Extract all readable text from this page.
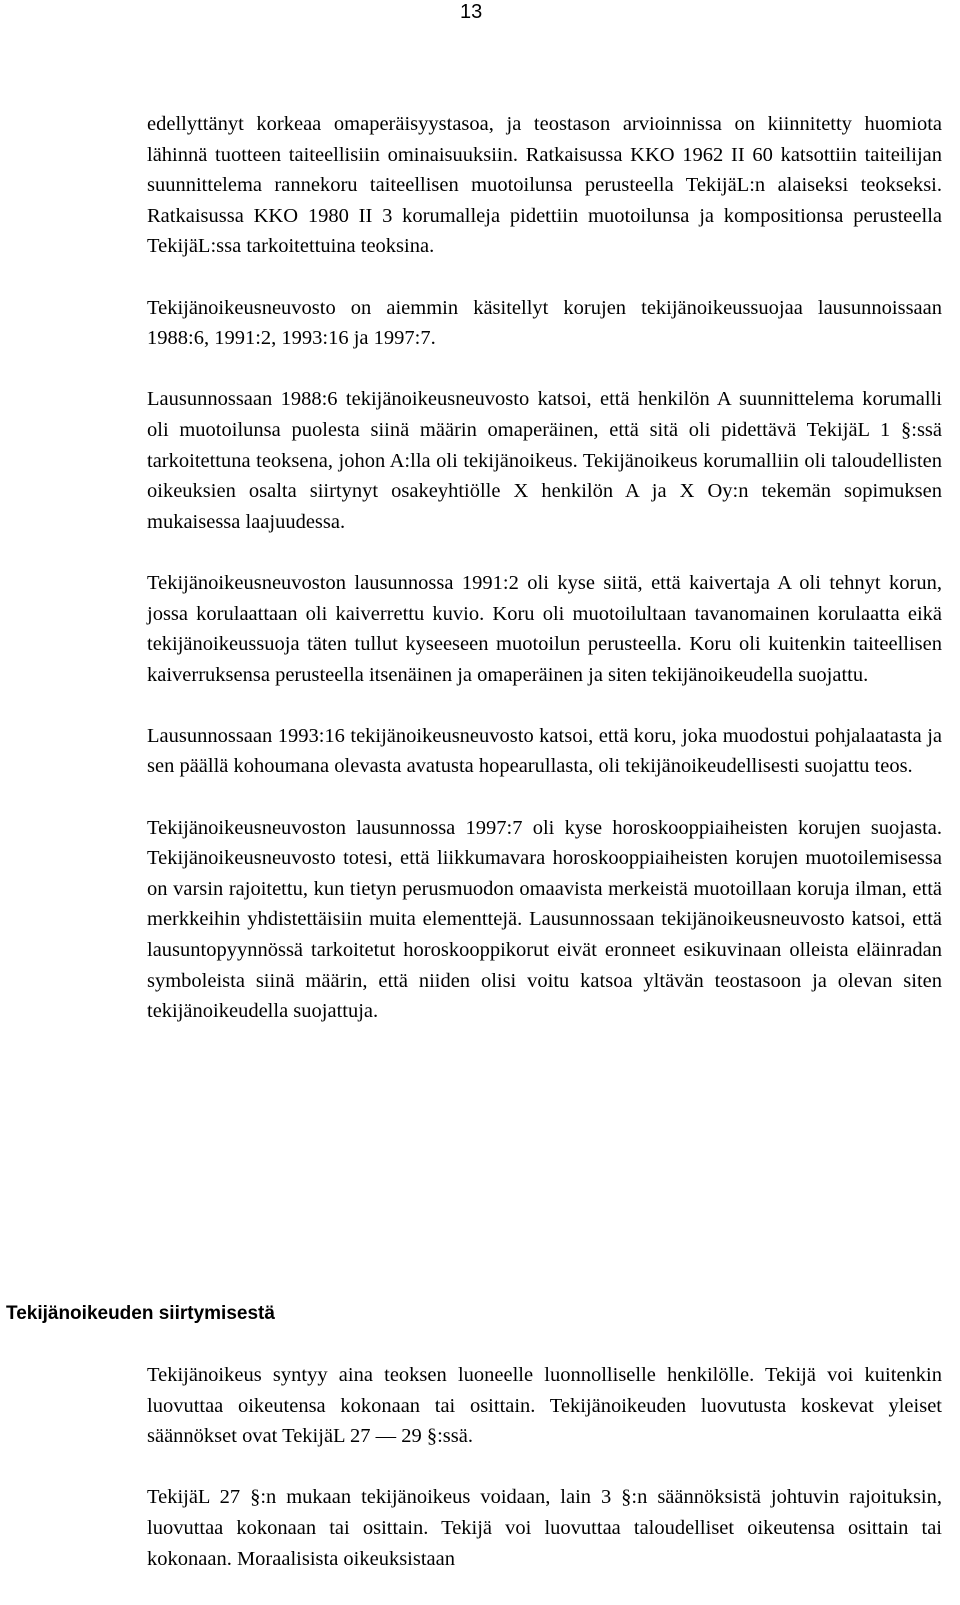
13

edellyttänyt korkeaa omaperäisyystasoa, ja teostason arvioinnissa on kiinnitetty huomiota lähinnä tuotteen taiteellisiin ominaisuuksiin. Ratkaisussa KKO 1962 II 60 katsottiin taiteilijan suunnittelema rannekoru taiteellisen muotoilunsa perusteella TekijäL:n alaiseksi teokseksi. Ratkaisussa KKO 1980 II 3 korumalleja pidettiin muotoilunsa ja kompositionsa perusteella TekijäL:ssa tarkoitettuina teoksina.

Tekijänoikeusneuvosto on aiemmin käsitellyt korujen tekijänoikeussuojaa lausunnoissaan 1988:6, 1991:2, 1993:16 ja 1997:7.

Lausunnossaan 1988:6 tekijänoikeusneuvosto katsoi, että henkilön A suunnittelema korumalli oli muotoilunsa puolesta siinä määrin omaperäinen, että sitä oli pidettävä TekijäL 1 §:ssä tarkoitettuna teoksena, johon A:lla oli tekijänoikeus. Tekijänoikeus korumalliin oli taloudellisten oikeuksien osalta siirtynyt osakeyhtiölle X henkilön A ja X Oy:n tekemän sopimuksen mukaisessa laajuudessa.

Tekijänoikeusneuvoston lausunnossa 1991:2 oli kyse siitä, että kaivertaja A oli tehnyt korun, jossa korulaattaan oli kaiverrettu kuvio. Koru oli muotoilultaan tavanomainen korulaatta eikä tekijänoikeussuoja täten tullut kyseeseen muotoilun perusteella. Koru oli kuitenkin taiteellisen kaiverruksensa perusteella itsenäinen ja omaperäinen ja siten tekijänoikeudella suojattu.

Lausunnossaan 1993:16 tekijänoikeusneuvosto katsoi, että koru, joka muodostui pohjalaatasta ja sen päällä kohoumana olevasta avatusta hopearullasta, oli tekijänoikeudellisesti suojattu teos.

Tekijänoikeusneuvoston lausunnossa 1997:7 oli kyse horoskooppiaiheisten korujen suojasta. Tekijänoikeusneuvosto totesi, että liikkumavara horoskooppiaiheisten korujen muotoilemisessa on varsin rajoitettu, kun tietyn perusmuodon omaavista merkeistä muotoillaan koruja ilman, että merkkeihin yhdistettäisiin muita elementtejä. Lausunnossaan tekijänoikeusneuvosto katsoi, että lausuntopyynnössä tarkoitetut horoskooppikorut eivät eronneet esikuvinaan olleista eläinradan symboleista siinä määrin, että niiden olisi voitu katsoa yltävän teostasoon ja olevan siten tekijänoikeudella suojattuja.

Tekijänoikeuden siirtymisestä

Tekijänoikeus syntyy aina teoksen luoneelle luonnolliselle henkilölle. Tekijä voi kuitenkin luovuttaa oikeutensa kokonaan tai osittain. Tekijänoikeuden luovutusta koskevat yleiset säännökset ovat TekijäL 27 — 29 §:ssä.

TekijäL 27 §:n mukaan tekijänoikeus voidaan, lain 3 §:n säännöksistä johtuvin rajoituksin, luovuttaa kokonaan tai osittain. Tekijä voi luovuttaa taloudelliset oikeutensa osittain tai kokonaan. Moraalisista oikeuksistaan
